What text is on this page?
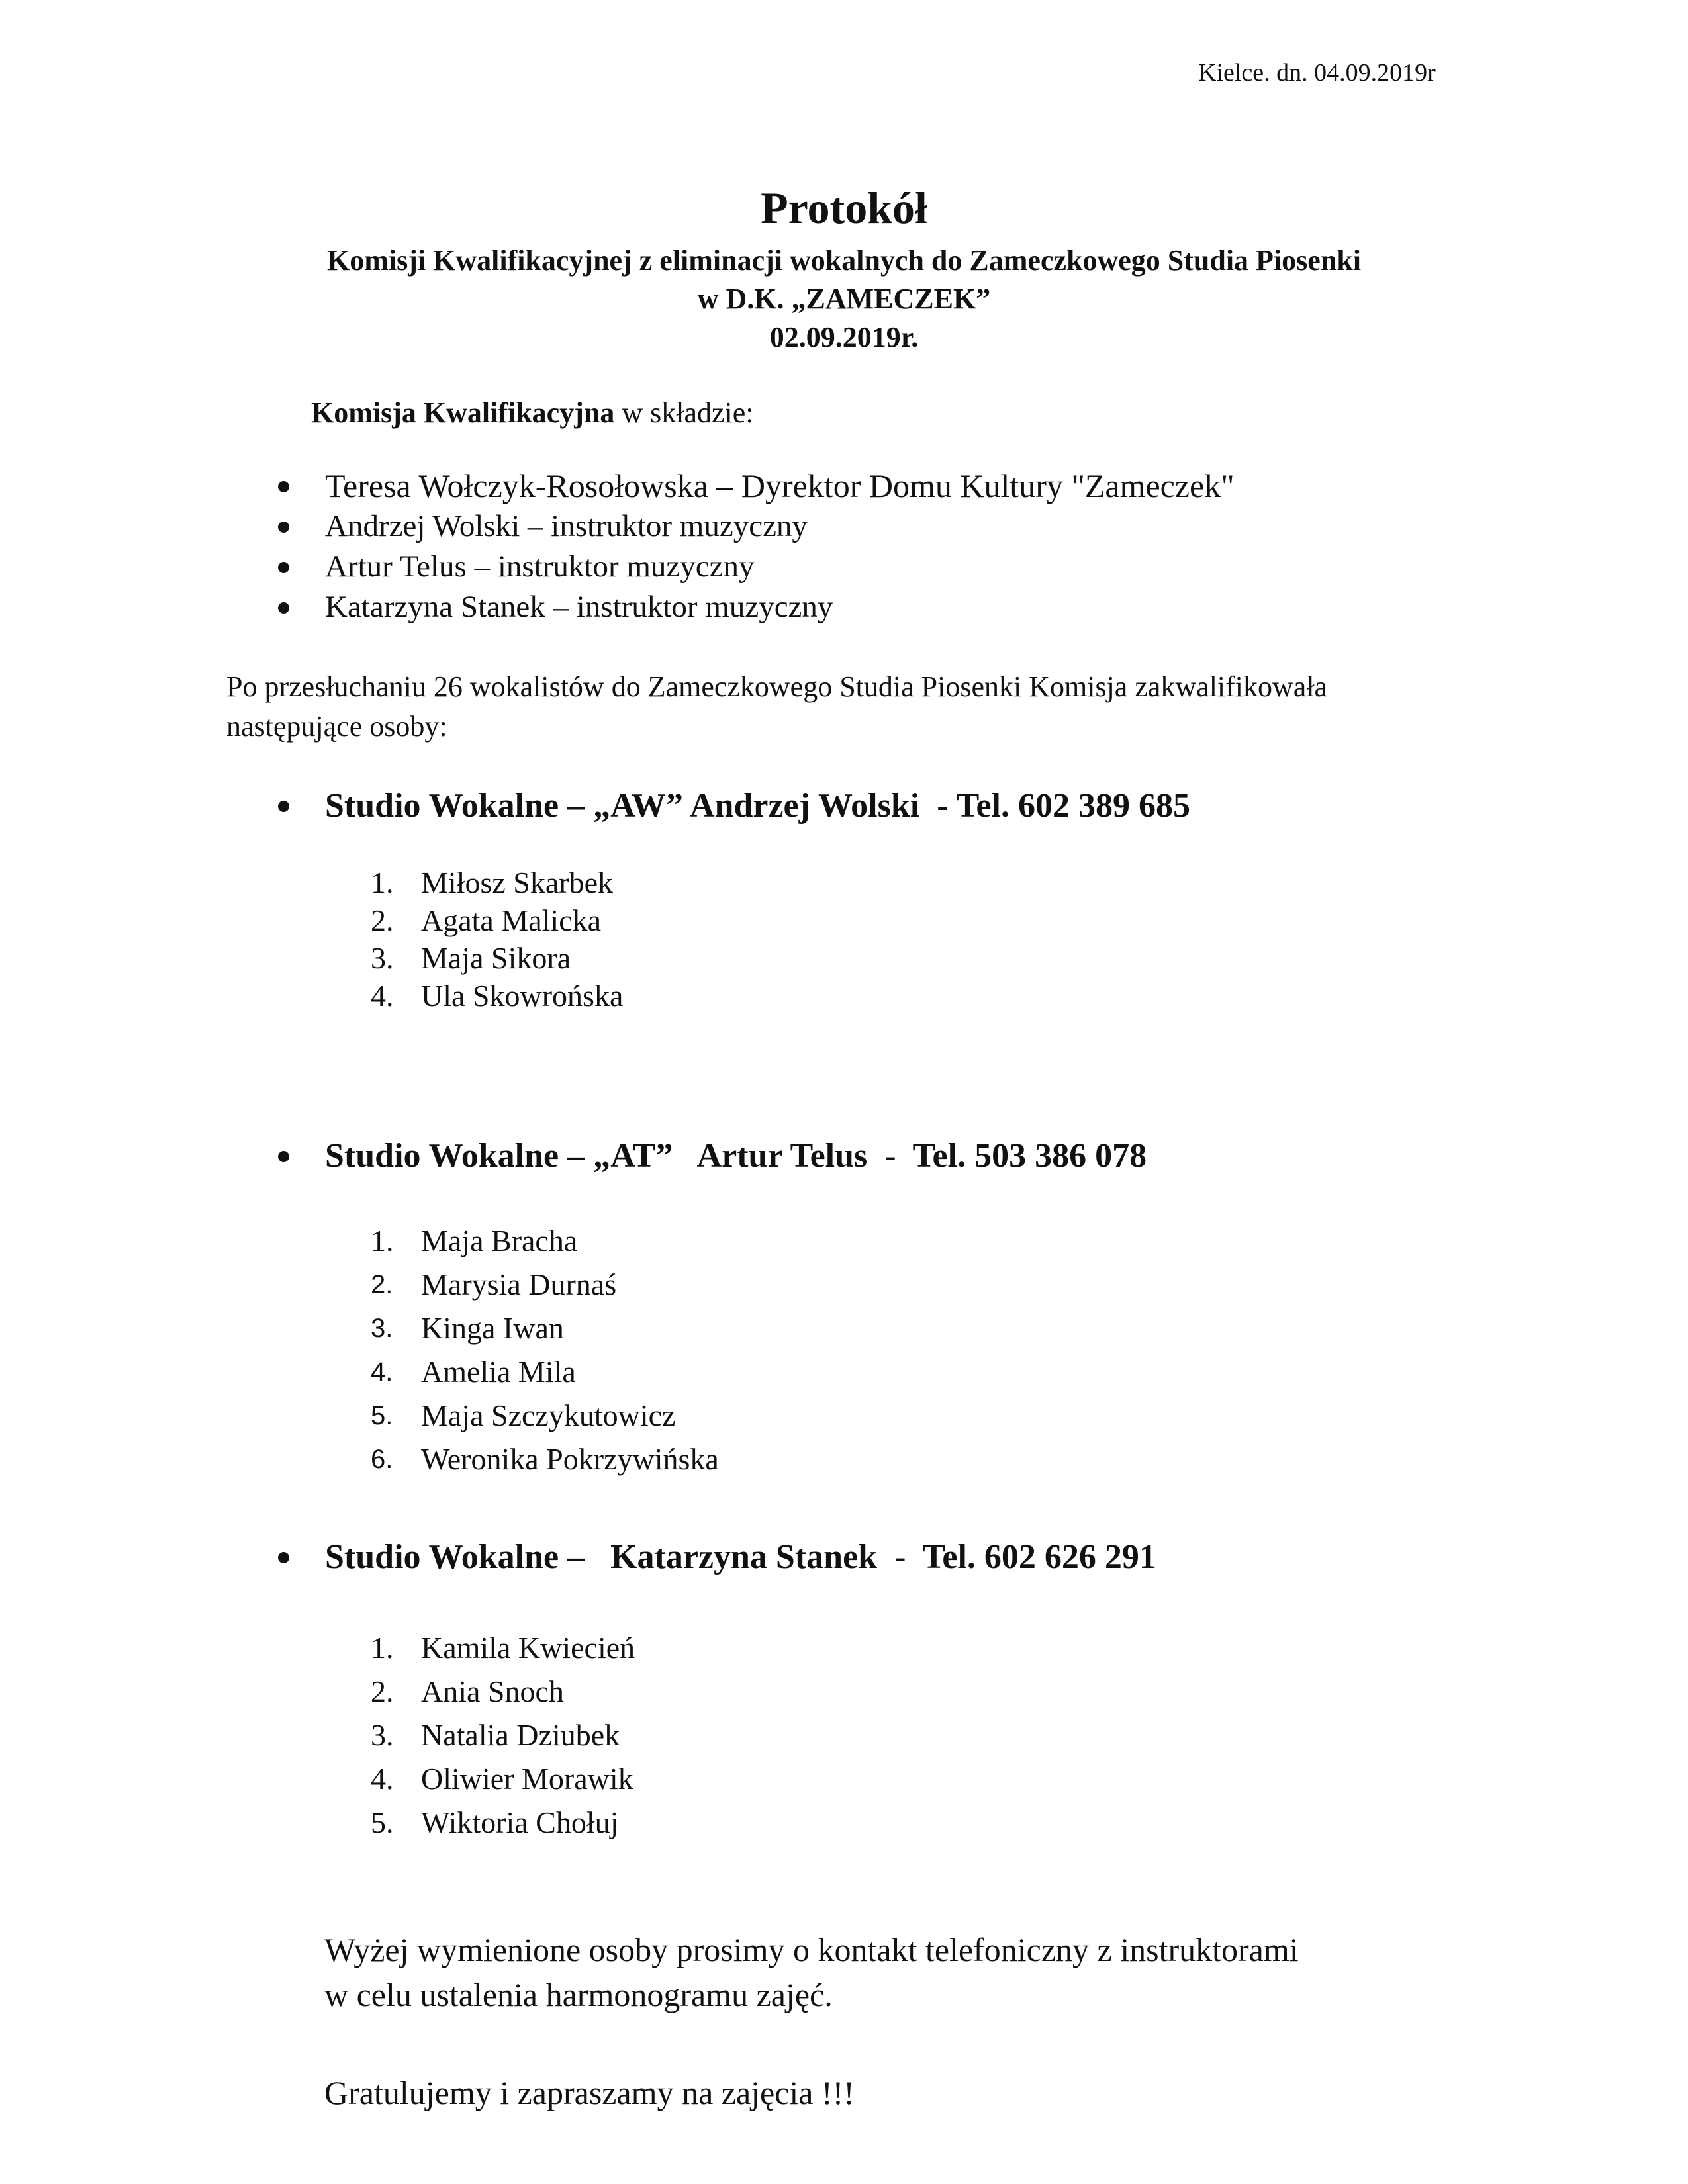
Kielce. dn. 04.09.2019r
Protokół
Komisji Kwalifikacyjnej z eliminacji wokalnych do Zameczkowego Studia Piosenki
w D.K. „ZAMECZEK”
02.09.2019r.
Komisja Kwalifikacyjna w składzie:
Teresa Wołczyk-Rosołowska – Dyrektor Domu Kultury "Zameczek"
Andrzej Wolski – instruktor muzyczny
Artur Telus – instruktor muzyczny
Katarzyna Stanek – instruktor muzyczny
Po przesłuchaniu 26 wokalistów do Zameczkowego Studia Piosenki Komisja zakwalifikowała
następujące osoby:
Studio Wokalne – „AW” Andrzej Wolski  - Tel. 602 389 685
1. Miłosz Skarbek
2. Agata Malicka
3. Maja Sikora
4. Ula Skowrońska
Studio Wokalne – „AT”   Artur Telus  -  Tel. 503 386 078
1. Maja Bracha
2. Marysia Durnaś
3. Kinga Iwan
4. Amelia Mila
5. Maja Szczykutowicz
6. Weronika Pokrzywińska
Studio Wokalne –   Katarzyna Stanek  -  Tel. 602 626 291
1. Kamila Kwiecień
2. Ania Snoch
3. Natalia Dziubek
4. Oliwier Morawik
5. Wiktoria Chołuj
Wyżej wymienione osoby prosimy o kontakt telefoniczny z instruktorami
w celu ustalenia harmonogramu zajęć.
Gratulujemy i zapraszamy na zajęcia !!!
